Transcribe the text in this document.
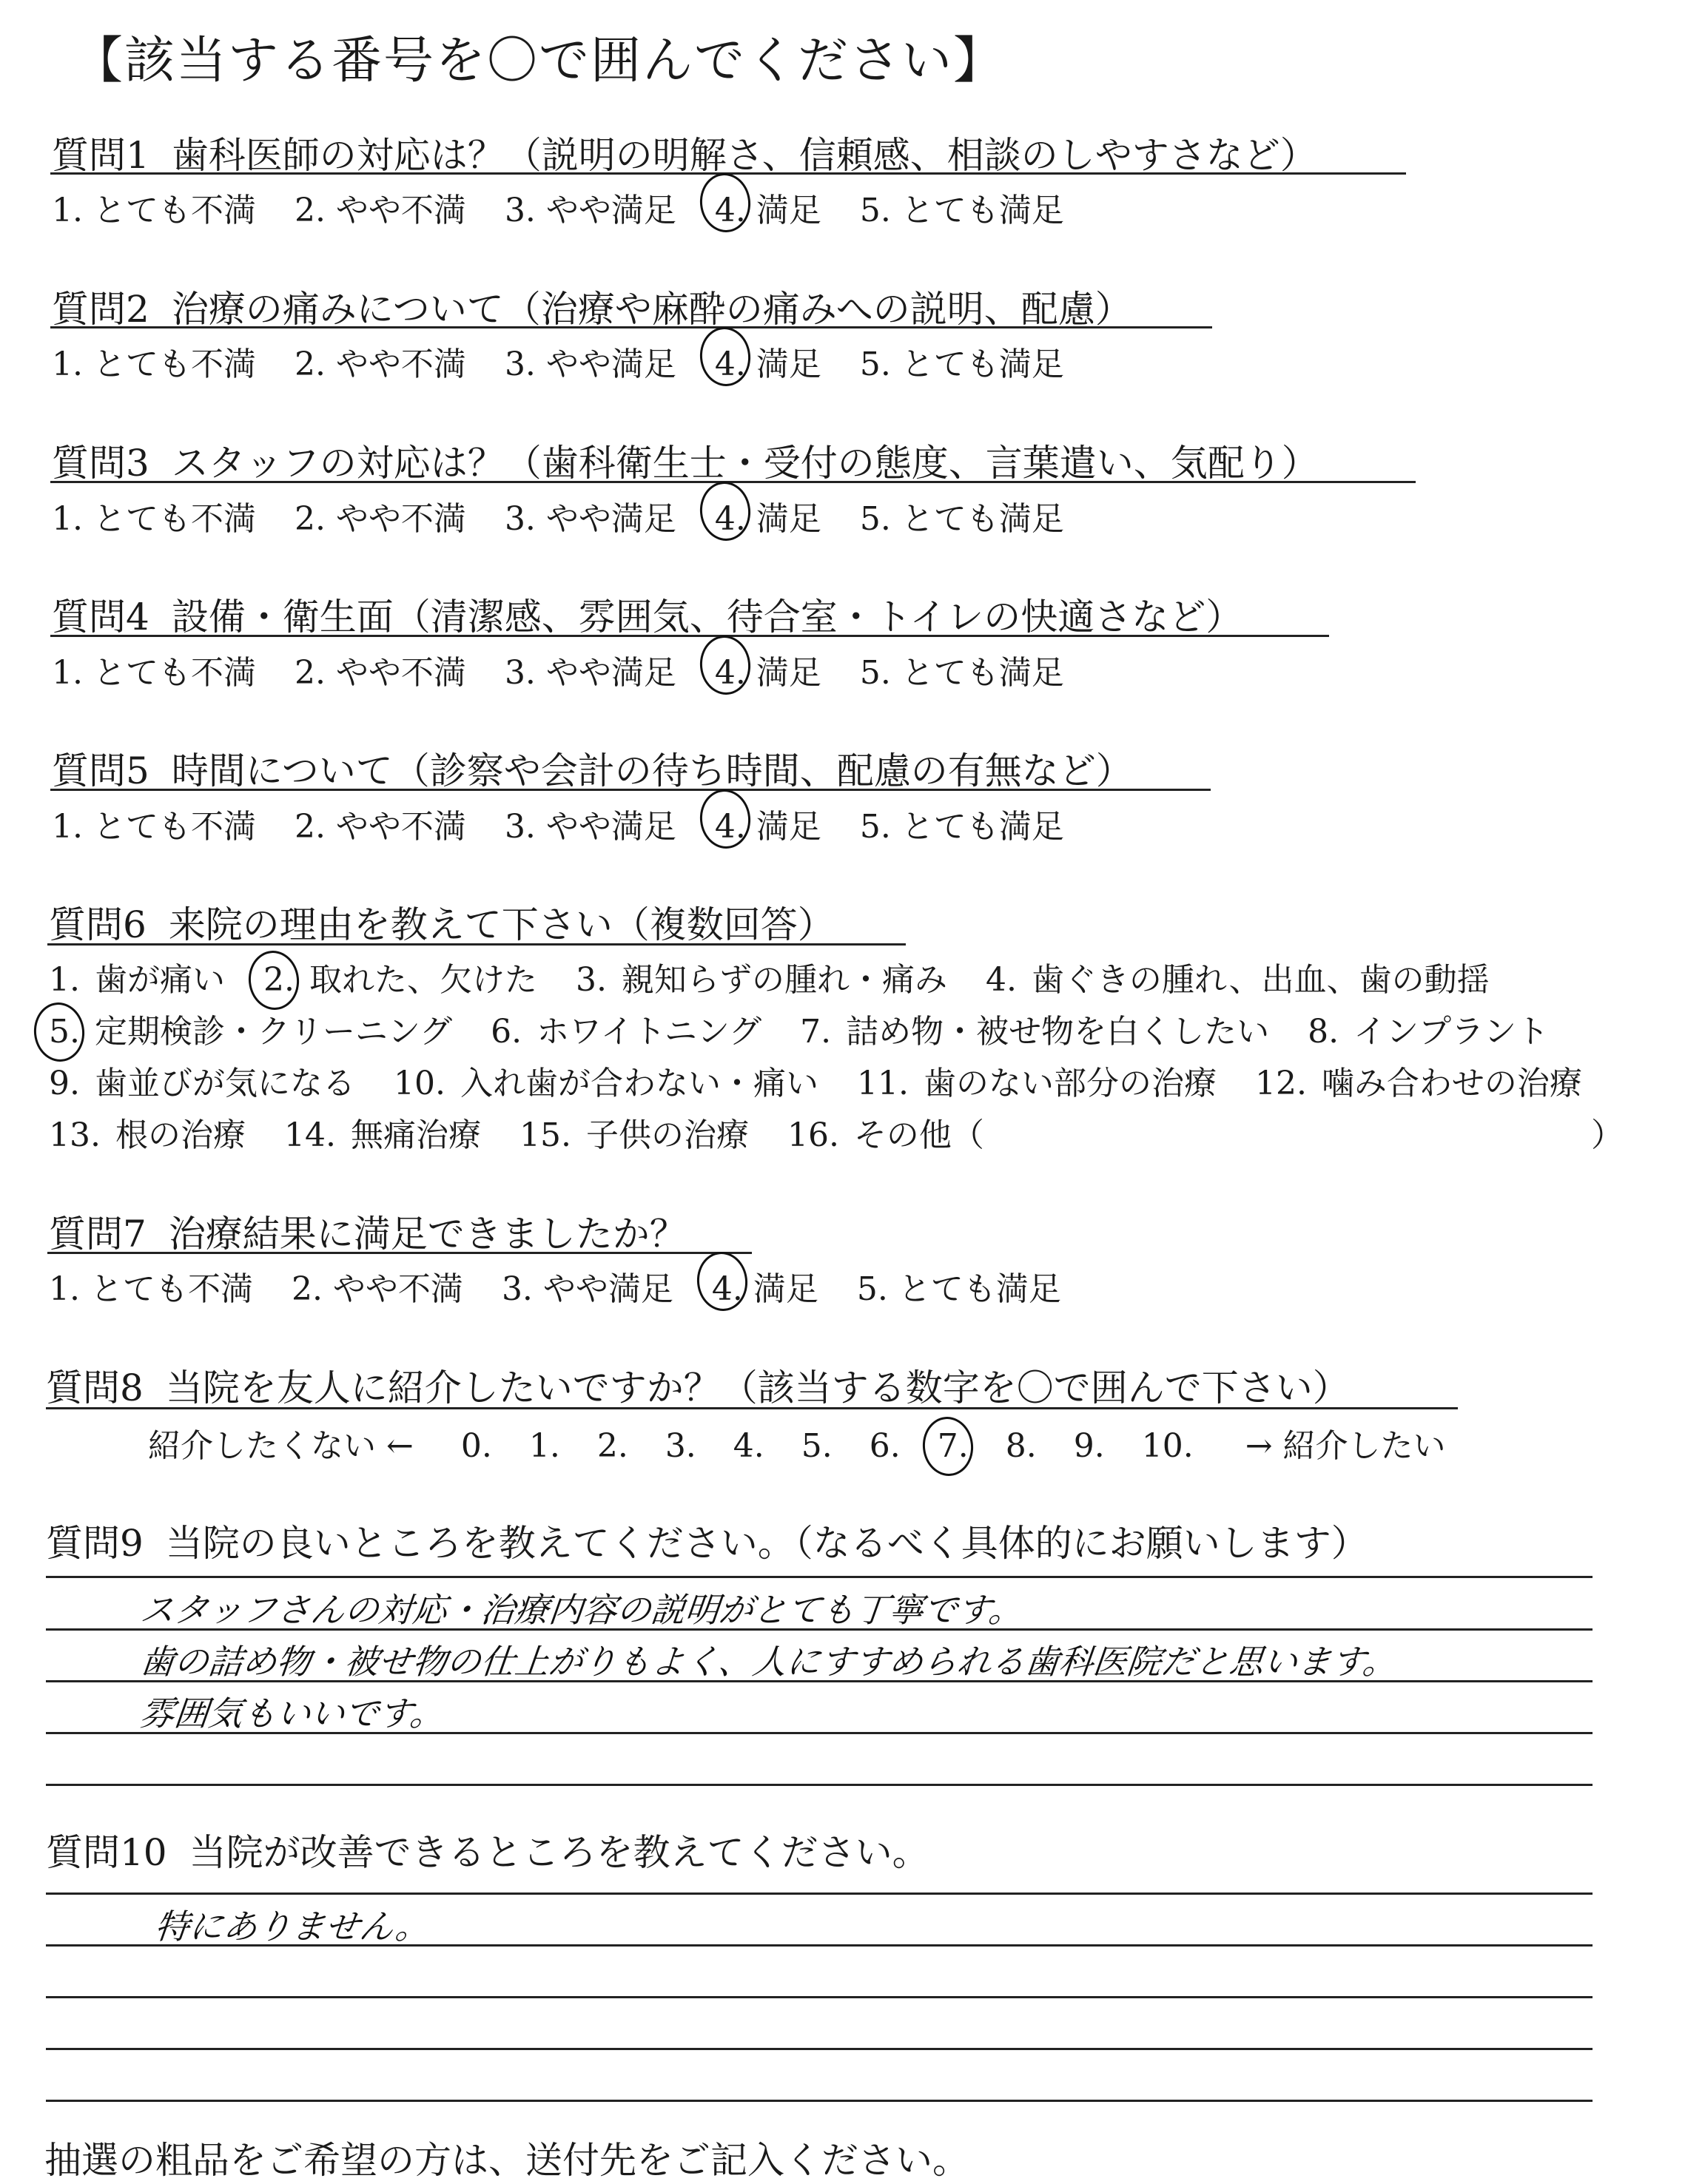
【該当する番号を〇で囲んでください】
質問1 歯科医師の対応は？（説明の明解さ、信頼感、相談のしやすさなど）
1. とても不満 2. やや不満 3. やや満足 4. 満足 5. とても満足
質問2 治療の痛みについて（治療や麻酔の痛みへの説明、配慮）
1. とても不満 2. やや不満 3. やや満足 4. 満足 5. とても満足
質問3 スタッフの対応は？（歯科衛生士・受付の態度、言葉遣い、気配り）
1. とても不満 2. やや不満 3. やや満足 4. 満足 5. とても満足
質問4 設備・衛生面（清潔感、雰囲気、待合室・トイレの快適さなど）
1. とても不満 2. やや不満 3. やや満足 4. 満足 5. とても満足
質問5 時間について（診察や会計の待ち時間、配慮の有無など）
1. とても不満 2. やや不満 3. やや満足 4. 満足 5. とても満足
質問6 来院の理由を教えて下さい（複数回答）
1. 歯が痛い 2. 取れた、欠けた 3. 親知らずの腫れ・痛み 4. 歯ぐきの腫れ、出血、歯の動揺
5. 定期検診・クリーニング 6. ホワイトニング 7. 詰め物・被せ物を白くしたい 8. インプラント
9. 歯並びが気になる 10. 入れ歯が合わない・痛い 11. 歯のない部分の治療 12. 噛み合わせの治療
13. 根の治療 14. 無痛治療 15. 子供の治療 16. その他（	）
質問7 治療結果に満足できましたか？
1. とても不満 2. やや不満 3. やや満足 4. 満足 5. とても満足
質問8 当院を友人に紹介したいですか？（該当する数字を〇で囲んで下さい）
紹介したくない ← 0. 1. 2. 3. 4. 5. 6. 7. 8. 9. 10. → 紹介したい
質問9 当院の良いところを教えてください。（なるべく具体的にお願いします）
スタッフさんの対応・治療内容の説明がとても丁寧です。
歯の詰め物・被せ物の仕上がりもよく、人にすすめられる歯科医院だと思います。
雰囲気もいいです。
質問10 当院が改善できるところを教えてください。
特にありません。
抽選の粗品をご希望の方は、送付先をご記入ください。
